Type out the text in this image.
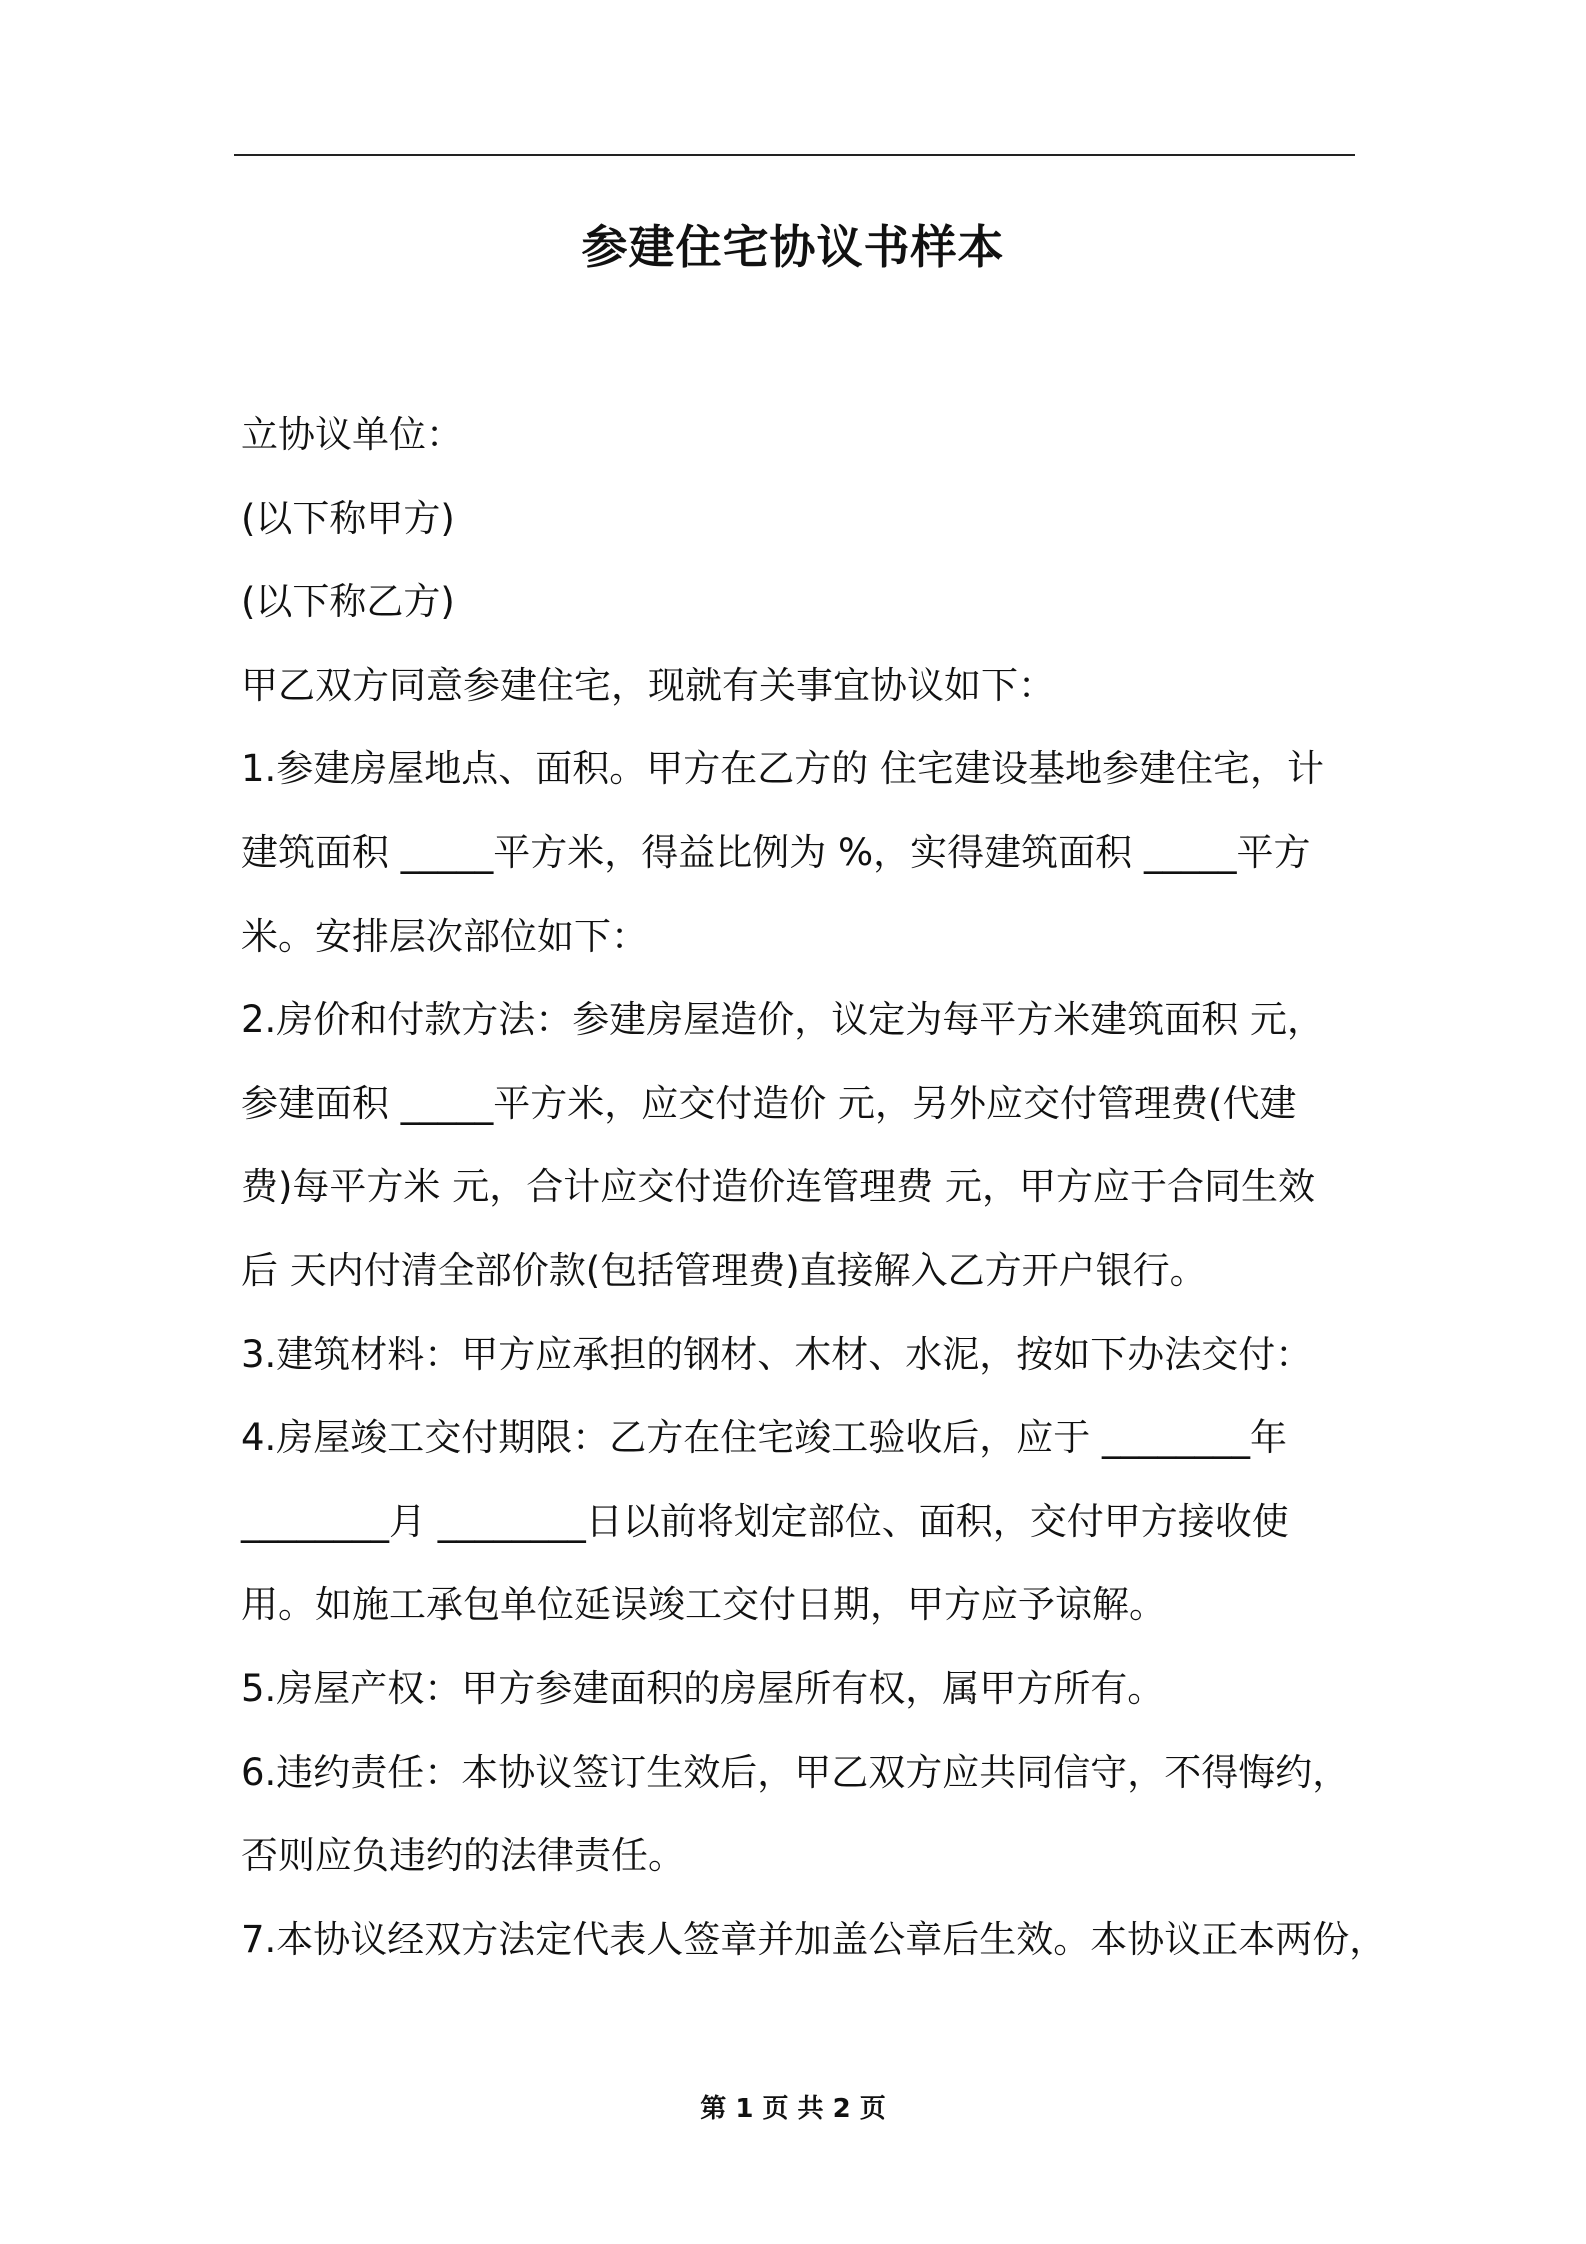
参建住宅协议书样本
立协议单位：
(以下称甲方)
(以下称乙方)
甲乙双方同意参建住宅，现就有关事宜协议如下：
1.参建房屋地点、面积。甲方在乙方的 住宅建设基地参建住宅，计
建筑面积 _____平方米，得益比例为 %，实得建筑面积 _____平方
米。安排层次部位如下：
2.房价和付款方法：参建房屋造价，议定为每平方米建筑面积 元，
参建面积 _____平方米，应交付造价 元，另外应交付管理费(代建
费)每平方米 元，合计应交付造价连管理费 元，甲方应于合同生效
后 天内付清全部价款(包括管理费)直接解入乙方开户银行。
3.建筑材料：甲方应承担的钢材、木材、水泥，按如下办法交付：
4.房屋竣工交付期限：乙方在住宅竣工验收后，应于 ________年
________月 ________日以前将划定部位、面积，交付甲方接收使
用。如施工承包单位延误竣工交付日期，甲方应予谅解。
5.房屋产权：甲方参建面积的房屋所有权，属甲方所有。
6.违约责任：本协议签订生效后，甲乙双方应共同信守，不得悔约，
否则应负违约的法律责任。
7.本协议经双方法定代表人签章并加盖公章后生效。本协议正本两份，
第 1 页 共 2 页
